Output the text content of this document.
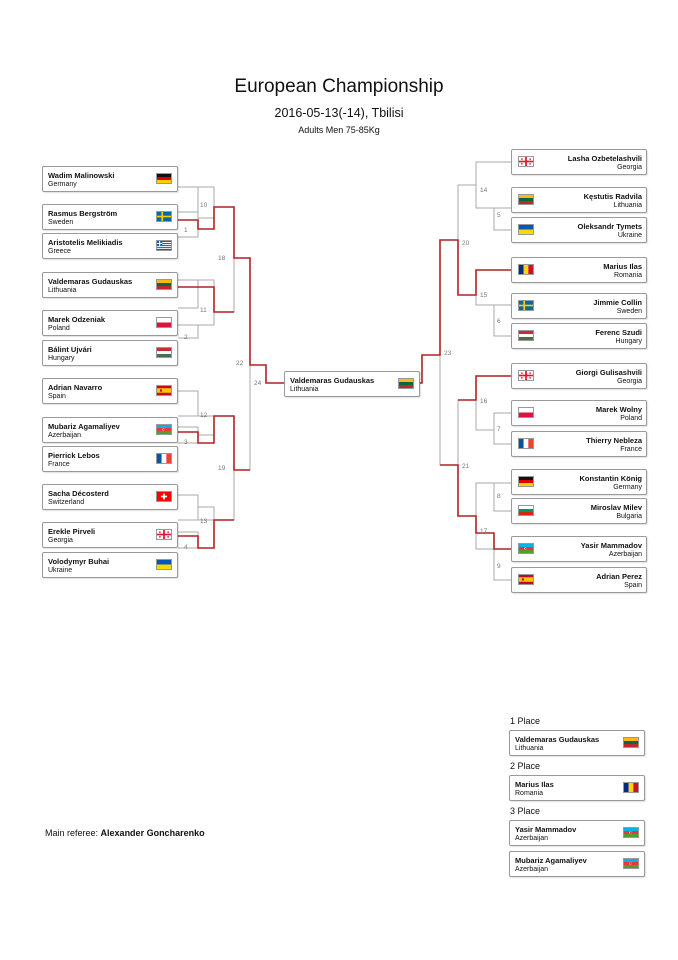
European Championship
2016-05-13(-14), Tbilisi
Adults Men 75-85Kg
1
2
3
4
10
11
12
13
18
19
22
24
5
6
7
8
9
14
15
16
17
20
21
23
Wadim Malinowski
Germany
Rasmus Bergström
Sweden
Aristotelis Melikiadis
Greece
Valdemaras Gudauskas
Lithuania
Marek Odzeniak
Poland
Bálint Ujvári
Hungary
Adrian Navarro
Spain
Mubariz Agamaliyev
Azerbaijan
Pierrick Lebos
France
Sacha Décosterd
Switzerland
Erekle Pirveli
Georgia
Volodymyr Buhai
Ukraine
Valdemaras Gudauskas
Lithuania
Lasha Ozbetelashvili
Georgia
Kęstutis Radvila
Lithuania
Oleksandr Tymets
Ukraine
Marius Ilas
Romania
Jimmie Collin
Sweden
Ferenc Szudi
Hungary
Giorgi Gulisashvili
Georgia
Marek Wolny
Poland
Thierry Nebleza
France
Konstantin König
Germany
Miroslav Milev
Bulgaria
Yasir Mammadov
Azerbaijan
Adrian Perez
Spain
1 Place
Valdemaras Gudauskas
Lithuania
2 Place
Marius Ilas
Romania
3 Place
Yasir Mammadov
Azerbaijan
Mubariz Agamaliyev
Azerbaijan
Main referee: Alexander Goncharenko
